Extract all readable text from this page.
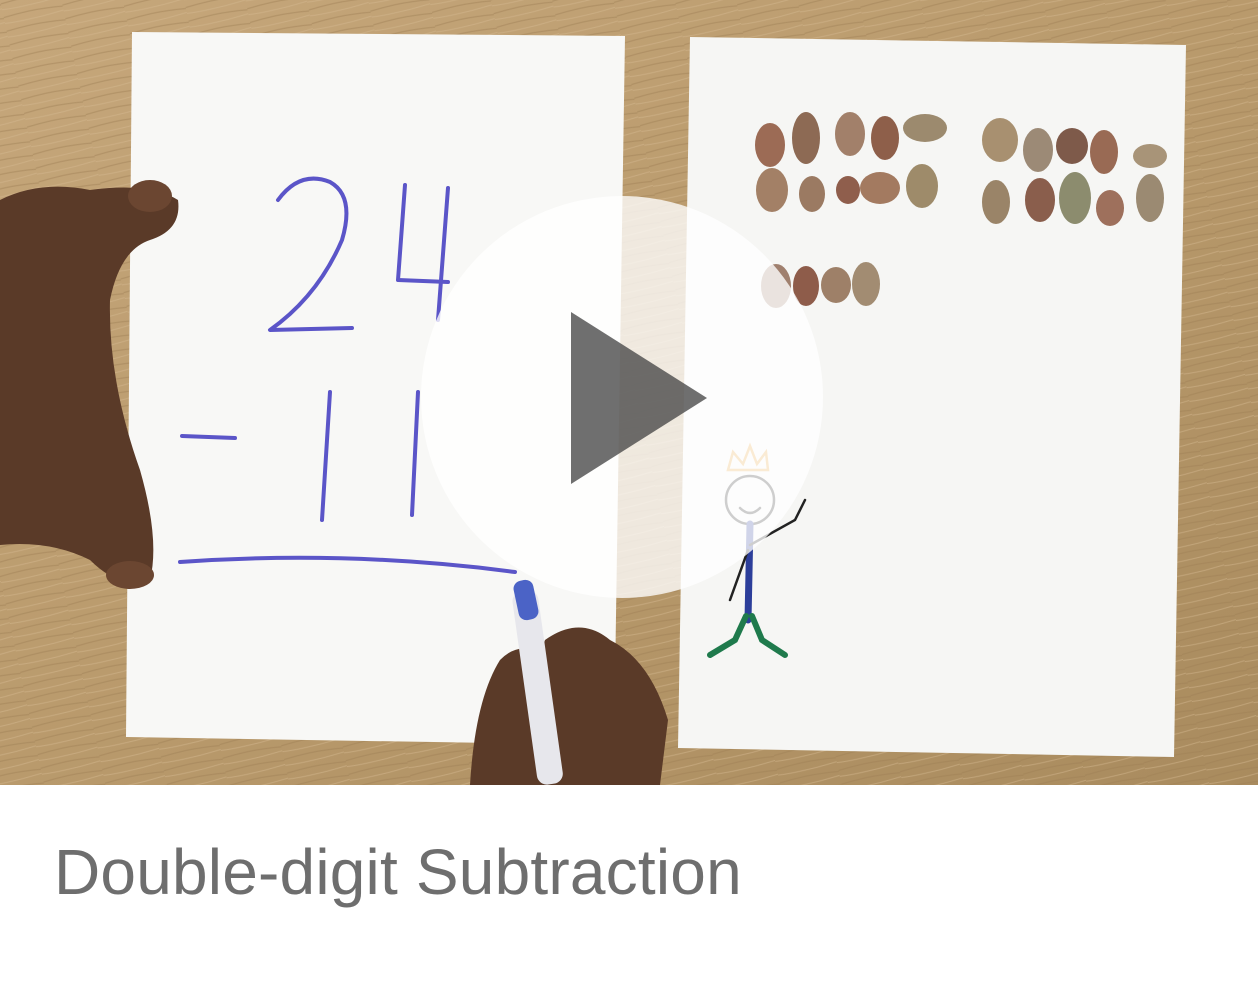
Double-digit Subtraction
